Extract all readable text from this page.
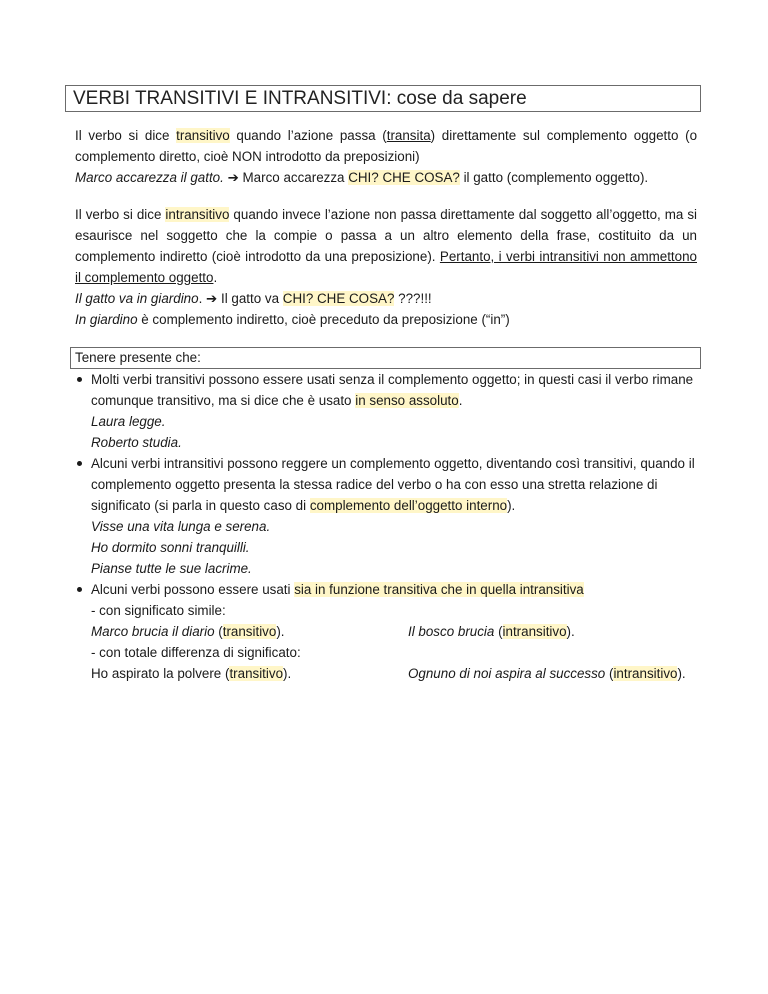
VERBI TRANSITIVI E INTRANSITIVI: cose da sapere
Il verbo si dice transitivo quando l’azione passa (transita) direttamente sul complemento oggetto (o complemento diretto, cioè NON introdotto da preposizioni)
Marco accarezza il gatto. ➔ Marco accarezza CHI? CHE COSA? il gatto (complemento oggetto).
Il verbo si dice intransitivo quando invece l’azione non passa direttamente dal soggetto all’oggetto, ma si esaurisce nel soggetto che la compie o passa a un altro elemento della frase, costituito da un complemento indiretto (cioè introdotto da una preposizione). Pertanto, i verbi intransitivi non ammettono il complemento oggetto.
Il gatto va in giardino. ➔ Il gatto va CHI? CHE COSA? ???!!!
In giardino è complemento indiretto, cioè preceduto da preposizione (“in”)
Tenere presente che:
Molti verbi transitivi possono essere usati senza il complemento oggetto; in questi casi il verbo rimane comunque transitivo, ma si dice che è usato in senso assoluto.
Laura legge.
Roberto studia.
Alcuni verbi intransitivi possono reggere un complemento oggetto, diventando così transitivi, quando il complemento oggetto presenta la stessa radice del verbo o ha con esso una stretta relazione di significato (si parla in questo caso di complemento dell’oggetto interno).
Visse una vita lunga e serena.
Ho dormito sonni tranquilli.
Pianse tutte le sue lacrime.
Alcuni verbi possono essere usati sia in funzione transitiva che in quella intransitiva
- con significato simile:
Marco brucia il diario (transitivo).	Il bosco brucia (intransitivo).
- con totale differenza di significato:
Ho aspirato la polvere (transitivo).	Ognuno di noi aspira al successo (intransitivo).
